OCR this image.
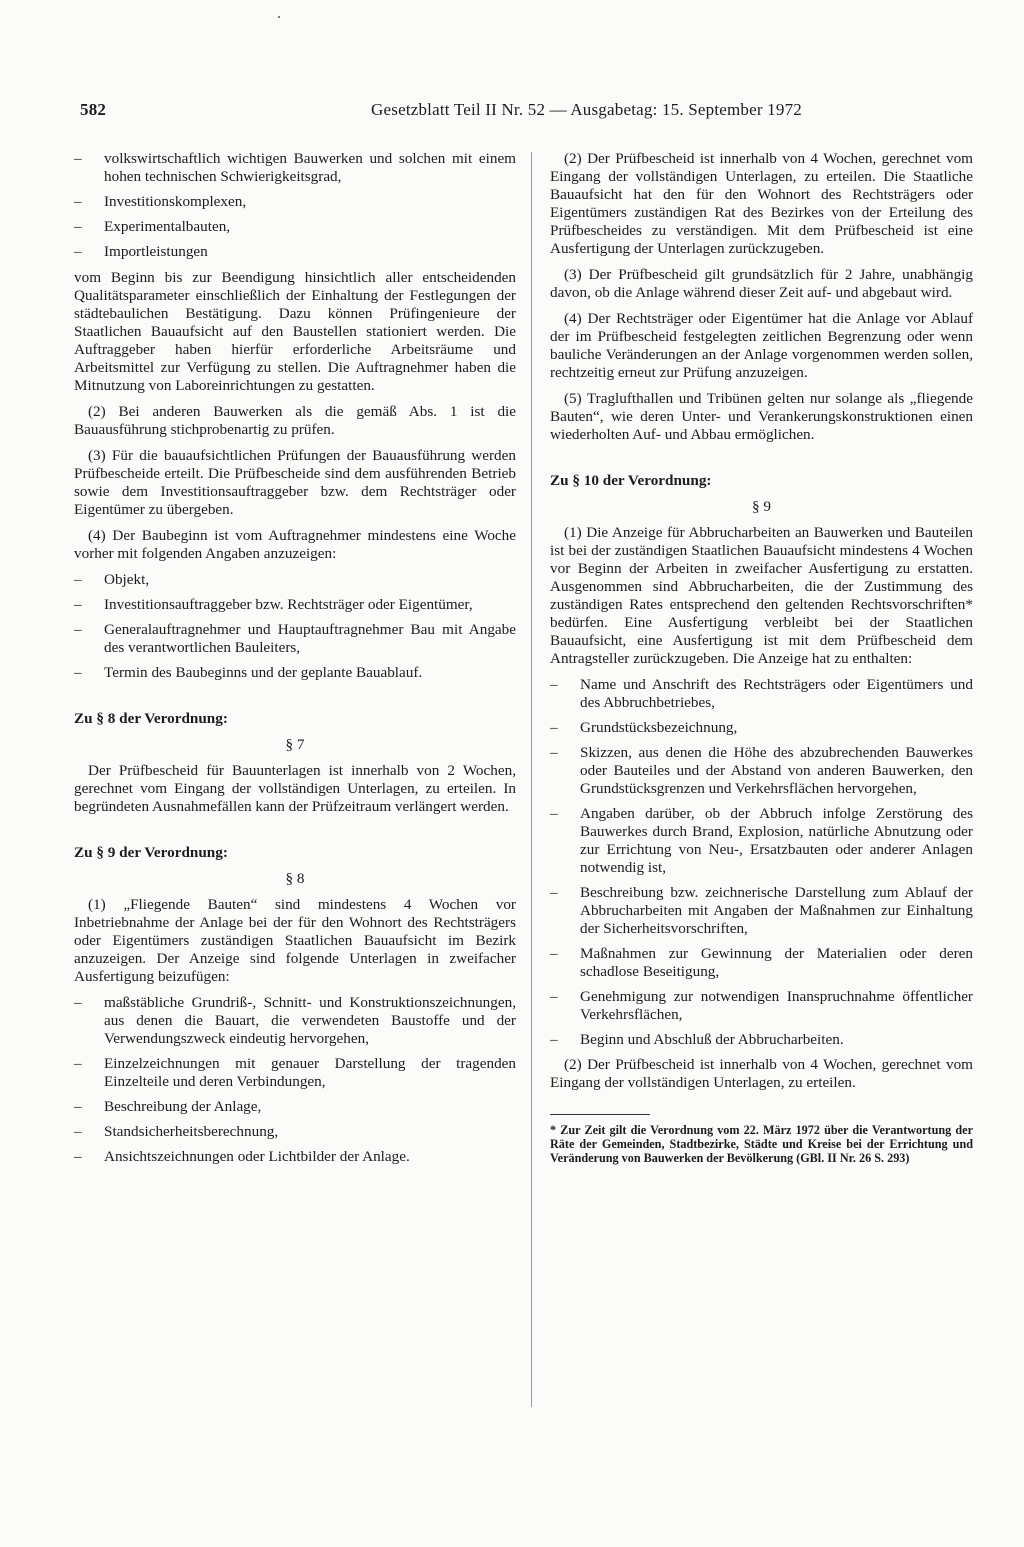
582	Gesetzblatt Teil II Nr. 52 — Ausgabetag: 15. September 1972
– volkswirtschaftlich wichtigen Bauwerken und solchen mit einem hohen technischen Schwierigkeitsgrad,
– Investitionskomplexen,
– Experimentalbauten,
– Importleistungen

vom Beginn bis zur Beendigung hinsichtlich aller entscheidenden Qualitätsparameter einschließlich der Einhaltung der Festlegungen der städtebaulichen Bestätigung. Dazu können Prüfingenieure der Staatlichen Bauaufsicht auf den Baustellen stationiert werden. Die Auftraggeber haben hierfür erforderliche Arbeitsräume und Arbeitsmittel zur Verfügung zu stellen. Die Auftragnehmer haben die Mitnutzung von Laboreinrichtungen zu gestatten.

(2) Bei anderen Bauwerken als die gemäß Abs. 1 ist die Bauausführung stichprobenartig zu prüfen.

(3) Für die bauaufsichtlichen Prüfungen der Bauausführung werden Prüfbescheide erteilt. Die Prüfbescheide sind dem ausführenden Betrieb sowie dem Investitionsauftraggeber bzw. dem Rechtsträger oder Eigentümer zu übergeben.

(4) Der Baubeginn ist vom Auftragnehmer mindestens eine Woche vorher mit folgenden Angaben anzuzeigen:

– Objekt,
– Investitionsauftraggeber bzw. Rechtsträger oder Eigentümer,
– Generalauftragnehmer und Hauptauftragnehmer Bau mit Angabe des verantwortlichen Bauleiters,
– Termin des Baubeginns und der geplante Bauablauf.
Zu § 8 der Verordnung:
§ 7

Der Prüfbescheid für Bauunterlagen ist innerhalb von 2 Wochen, gerechnet vom Eingang der vollständigen Unterlagen, zu erteilen. In begründeten Ausnahmefällen kann der Prüfzeitraum verlängert werden.

Zu § 9 der Verordnung:
§ 8

(1) „Fliegende Bauten“ sind mindestens 4 Wochen vor Inbetriebnahme der Anlage bei der für den Wohnort des Rechtsträgers oder Eigentümers zuständigen Staatlichen Bauaufsicht im Bezirk anzuzeigen. Der Anzeige sind folgende Unterlagen in zweifacher Ausfertigung beizufügen:

– maßstäbliche Grundriß-, Schnitt- und Konstruktionszeichnungen, aus denen die Bauart, die verwendeten Baustoffe und der Verwendungszweck eindeutig hervorgehen,
– Einzelzeichnungen mit genauer Darstellung der tragenden Einzelteile und deren Verbindungen,
– Beschreibung der Anlage,
– Standsicherheitsberechnung,
– Ansichtszeichnungen oder Lichtbilder der Anlage.

(2) Der Prüfbescheid ist innerhalb von 4 Wochen, gerechnet vom Eingang der vollständigen Unterlagen, zu erteilen. Die Staatliche Bauaufsicht hat den für den Wohnort des Rechtsträgers oder Eigentümers zuständigen Rat des Bezirkes von der Erteilung des Prüfbescheides zu verständigen. Mit dem Prüfbescheid ist eine Ausfertigung der Unterlagen zurückzugeben.

(3) Der Prüfbescheid gilt grundsätzlich für 2 Jahre, unabhängig davon, ob die Anlage während dieser Zeit auf- und abgebaut wird.

(4) Der Rechtsträger oder Eigentümer hat die Anlage vor Ablauf der im Prüfbescheid festgelegten zeitlichen Begrenzung oder wenn bauliche Veränderungen an der Anlage vorgenommen werden sollen, rechtzeitig erneut zur Prüfung anzuzeigen.

(5) Traglufthallen und Tribünen gelten nur solange als „fliegende Bauten“, wie deren Unter- und Verankerungskonstruktionen einen wiederholten Auf- und Abbau ermöglichen.

Zu § 10 der Verordnung:
§ 9

(1) Die Anzeige für Abbrucharbeiten an Bauwerken und Bauteilen ist bei der zuständigen Staatlichen Bauaufsicht mindestens 4 Wochen vor Beginn der Arbeiten in zweifacher Ausfertigung zu erstatten. Ausgenommen sind Abbrucharbeiten, die der Zustimmung des zuständigen Rates entsprechend den geltenden Rechtsvorschriften* bedürfen. Eine Ausfertigung verbleibt bei der Staatlichen Bauaufsicht, eine Ausfertigung ist mit dem Prüfbescheid dem Antragsteller zurückzugeben. Die Anzeige hat zu enthalten:

– Name und Anschrift des Rechtsträgers oder Eigentümers und des Abbruchbetriebes,
– Grundstücksbezeichnung,
– Skizzen, aus denen die Höhe des abzubrechenden Bauwerkes oder Bauteiles und der Abstand von anderen Bauwerken, den Grundstücksgrenzen und Verkehrsflächen hervorgehen,
– Angaben darüber, ob der Abbruch infolge Zerstörung des Bauwerkes durch Brand, Explosion, natürliche Abnutzung oder zur Errichtung von Neu-, Ersatzbauten oder anderer Anlagen notwendig ist,
– Beschreibung bzw. zeichnerische Darstellung zum Ablauf der Abbrucharbeiten mit Angaben der Maßnahmen zur Einhaltung der Sicherheitsvorschriften,
– Maßnahmen zur Gewinnung der Materialien oder deren schadlose Beseitigung,
– Genehmigung zur notwendigen Inanspruchnahme öffentlicher Verkehrsflächen,
– Beginn und Abschluß der Abbrucharbeiten.

(2) Der Prüfbescheid ist innerhalb von 4 Wochen, gerechnet vom Eingang der vollständigen Unterlagen, zu erteilen.

* Zur Zeit gilt die Verordnung vom 22. März 1972 über die Verantwortung der Räte der Gemeinden, Stadtbezirke, Städte und Kreise bei der Errichtung und Veränderung von Bauwerken der Bevölkerung (GBl. II Nr. 26 S. 293)
